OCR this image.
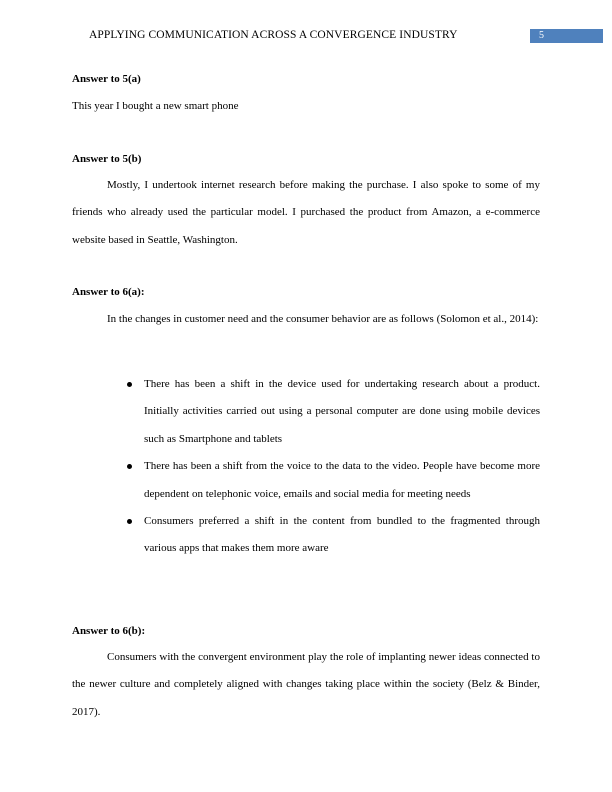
APPLYING COMMUNICATION ACROSS A CONVERGENCE INDUSTRY	5
Answer to 5(a)
This year I bought a new smart phone
Answer to 5(b)
Mostly, I undertook internet research before making the purchase. I also spoke to some of my friends who already used the particular model. I purchased the product from Amazon, a e-commerce website based in Seattle, Washington.
Answer to 6(a):
In the changes in customer need and the consumer behavior are as follows (Solomon et al., 2014):
There has been a shift in the device used for undertaking research about a product. Initially activities carried out using a personal computer are done using mobile devices such as Smartphone and tablets
There has been a shift from the voice to the data to the video. People have become more dependent on telephonic voice, emails and social media for meeting needs
Consumers preferred a shift in the content from bundled to the fragmented through various apps that makes them more aware
Answer to 6(b):
Consumers with the convergent environment play the role of implanting newer ideas connected to the newer culture and completely aligned with changes taking place within the society (Belz & Binder, 2017).
